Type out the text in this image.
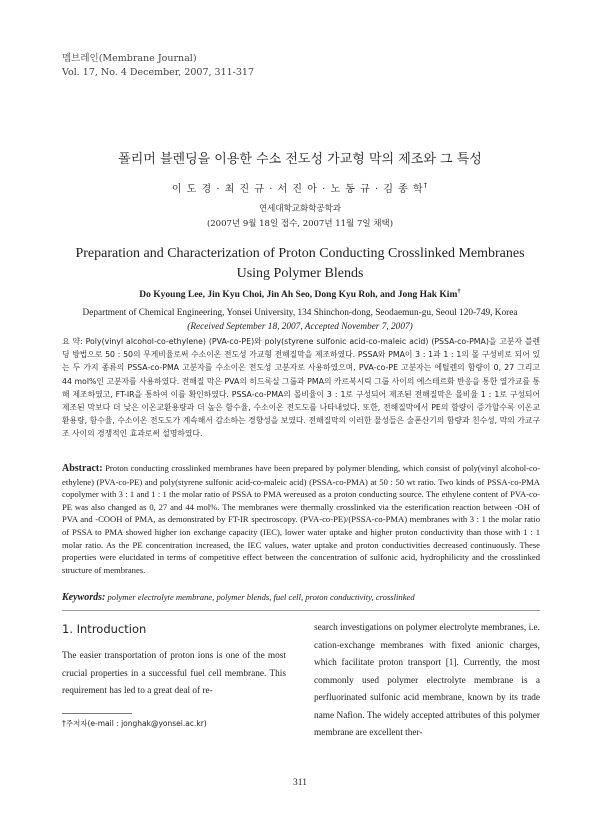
멤브레인(Membrane Journal)
Vol. 17, No. 4 December, 2007, 311-317
폴리머 블렌딩을 이용한 수소 전도성 가교형 막의 제조와 그 특성
이 도 경 · 최 진 규 · 서 진 아 · 노 동 규 · 김 종 학†
연세대학교화학공학과
(2007년 9월 18일 접수, 2007년 11월 7일 채택)
Preparation and Characterization of Proton Conducting Crosslinked Membranes
Using Polymer Blends
Do Kyoung Lee, Jin Kyu Choi, Jin Ah Seo, Dong Kyu Roh, and Jong Hak Kim†
Department of Chemical Engineering, Yonsei University, 134 Shinchon-dong, Seodaemun-gu, Seoul 120-749, Korea
(Received September 18, 2007, Accepted November 7, 2007)
요 약: Poly(vinyl alcohol-co-ethylene) (PVA-co-PE)와 poly(styrene sulfonic acid-co-maleic acid) (PSSA-co-PMA)을 고분자 블렌딩 방법으로 50 : 50의 무게비율로써 수소이온 전도성 가교형 전해질막을 제조하였다. PSSA와 PMA이 3 : 1과 1 : 1의 몰 구성비로 되어 있는 두 가지 종류의 PSSA-co-PMA 고분자를 수소이온 전도성 고분자로 사용하였으며, PVA-co-PE 고분자는 에틸렌의 함량이 0, 27 그리고 44 mol%인 고분자를 사용하였다. 전해질 막은 PVA의 히드록실 그룹과 PMA의 카르복시릭 그룹 사이의 에스테르화 반응을 통한 열가교를 통해 제조하였고, FT-IR을 통하여 이를 확인하였다. PSSA-co-PMA의 몰비율이 3 : 1로 구성되어 제조된 전해질막은 몰비율 1 : 1로 구성되어 제조된 막보다 더 낮은 이온교환용량과 더 높은 함수율, 수소이온 전도도를 나타내었다. 또한, 전해질막에서 PE의 함량이 증가할수록 이온교환용량, 함수율, 수소이온 전도도가 계속해서 감소하는 경향성을 보였다. 전해질막의 이러한 물성들은 술폰산기의 함량과 친수성, 막의 가교구조 사이의 경쟁적인 효과로써 설명하였다.
Abstract: Proton conducting crosslinked membranes have been prepared by polymer blending, which consist of poly(vinyl alcohol-co-ethylene) (PVA-co-PE) and poly(styrene sulfonic acid-co-maleic acid) (PSSA-co-PMA) at 50 : 50 wt ratio. Two kinds of PSSA-co-PMA copolymer with 3 : 1 and 1 : 1 the molar ratio of PSSA to PMA wereused as a proton conducting source. The ethylene content of PVA-co-PE was also changed as 0, 27 and 44 mol%. The membranes were thermally crosslinked via the esterification reaction between -OH of PVA and -COOH of PMA, as demonstrated by FT-IR spectroscopy. (PVA-co-PE)/(PSSA-co-PMA) membranes with 3 : 1 the molar ratio of PSSA to PMA showed higher ion exchange capacity (IEC), lower water uptake and higher proton conductivity than those with 1 : 1 molar ratio. As the PE concentration increased, the IEC values, water uptake and proton conductivities decreased continuously. These properties were elucidated in terms of competitive effect between the concentration of sulfonic acid, hydrophilicity and the crosslinked structure of membranes.
Keywords: polymer electrolyte membrane, polymer blends, fuel cell, proton conductivity, crosslinked
1. Introduction
The easier transportation of proton ions is one of the most crucial properties in a successful fuel cell membrane. This requirement has led to a great deal of re-
search investigations on polymer electrolyte membranes, i.e. cation-exchange membranes with fixed anionic charges, which facilitate proton transport [1]. Currently, the most commonly used polymer electrolyte membrane is a perfluorinated sulfonic acid membrane, known by its trade name Nafion. The widely accepted attributes of this polymer membrane are excellent ther-
†주저자(e-mail : jonghak@yonsei.ac.kr)
311
